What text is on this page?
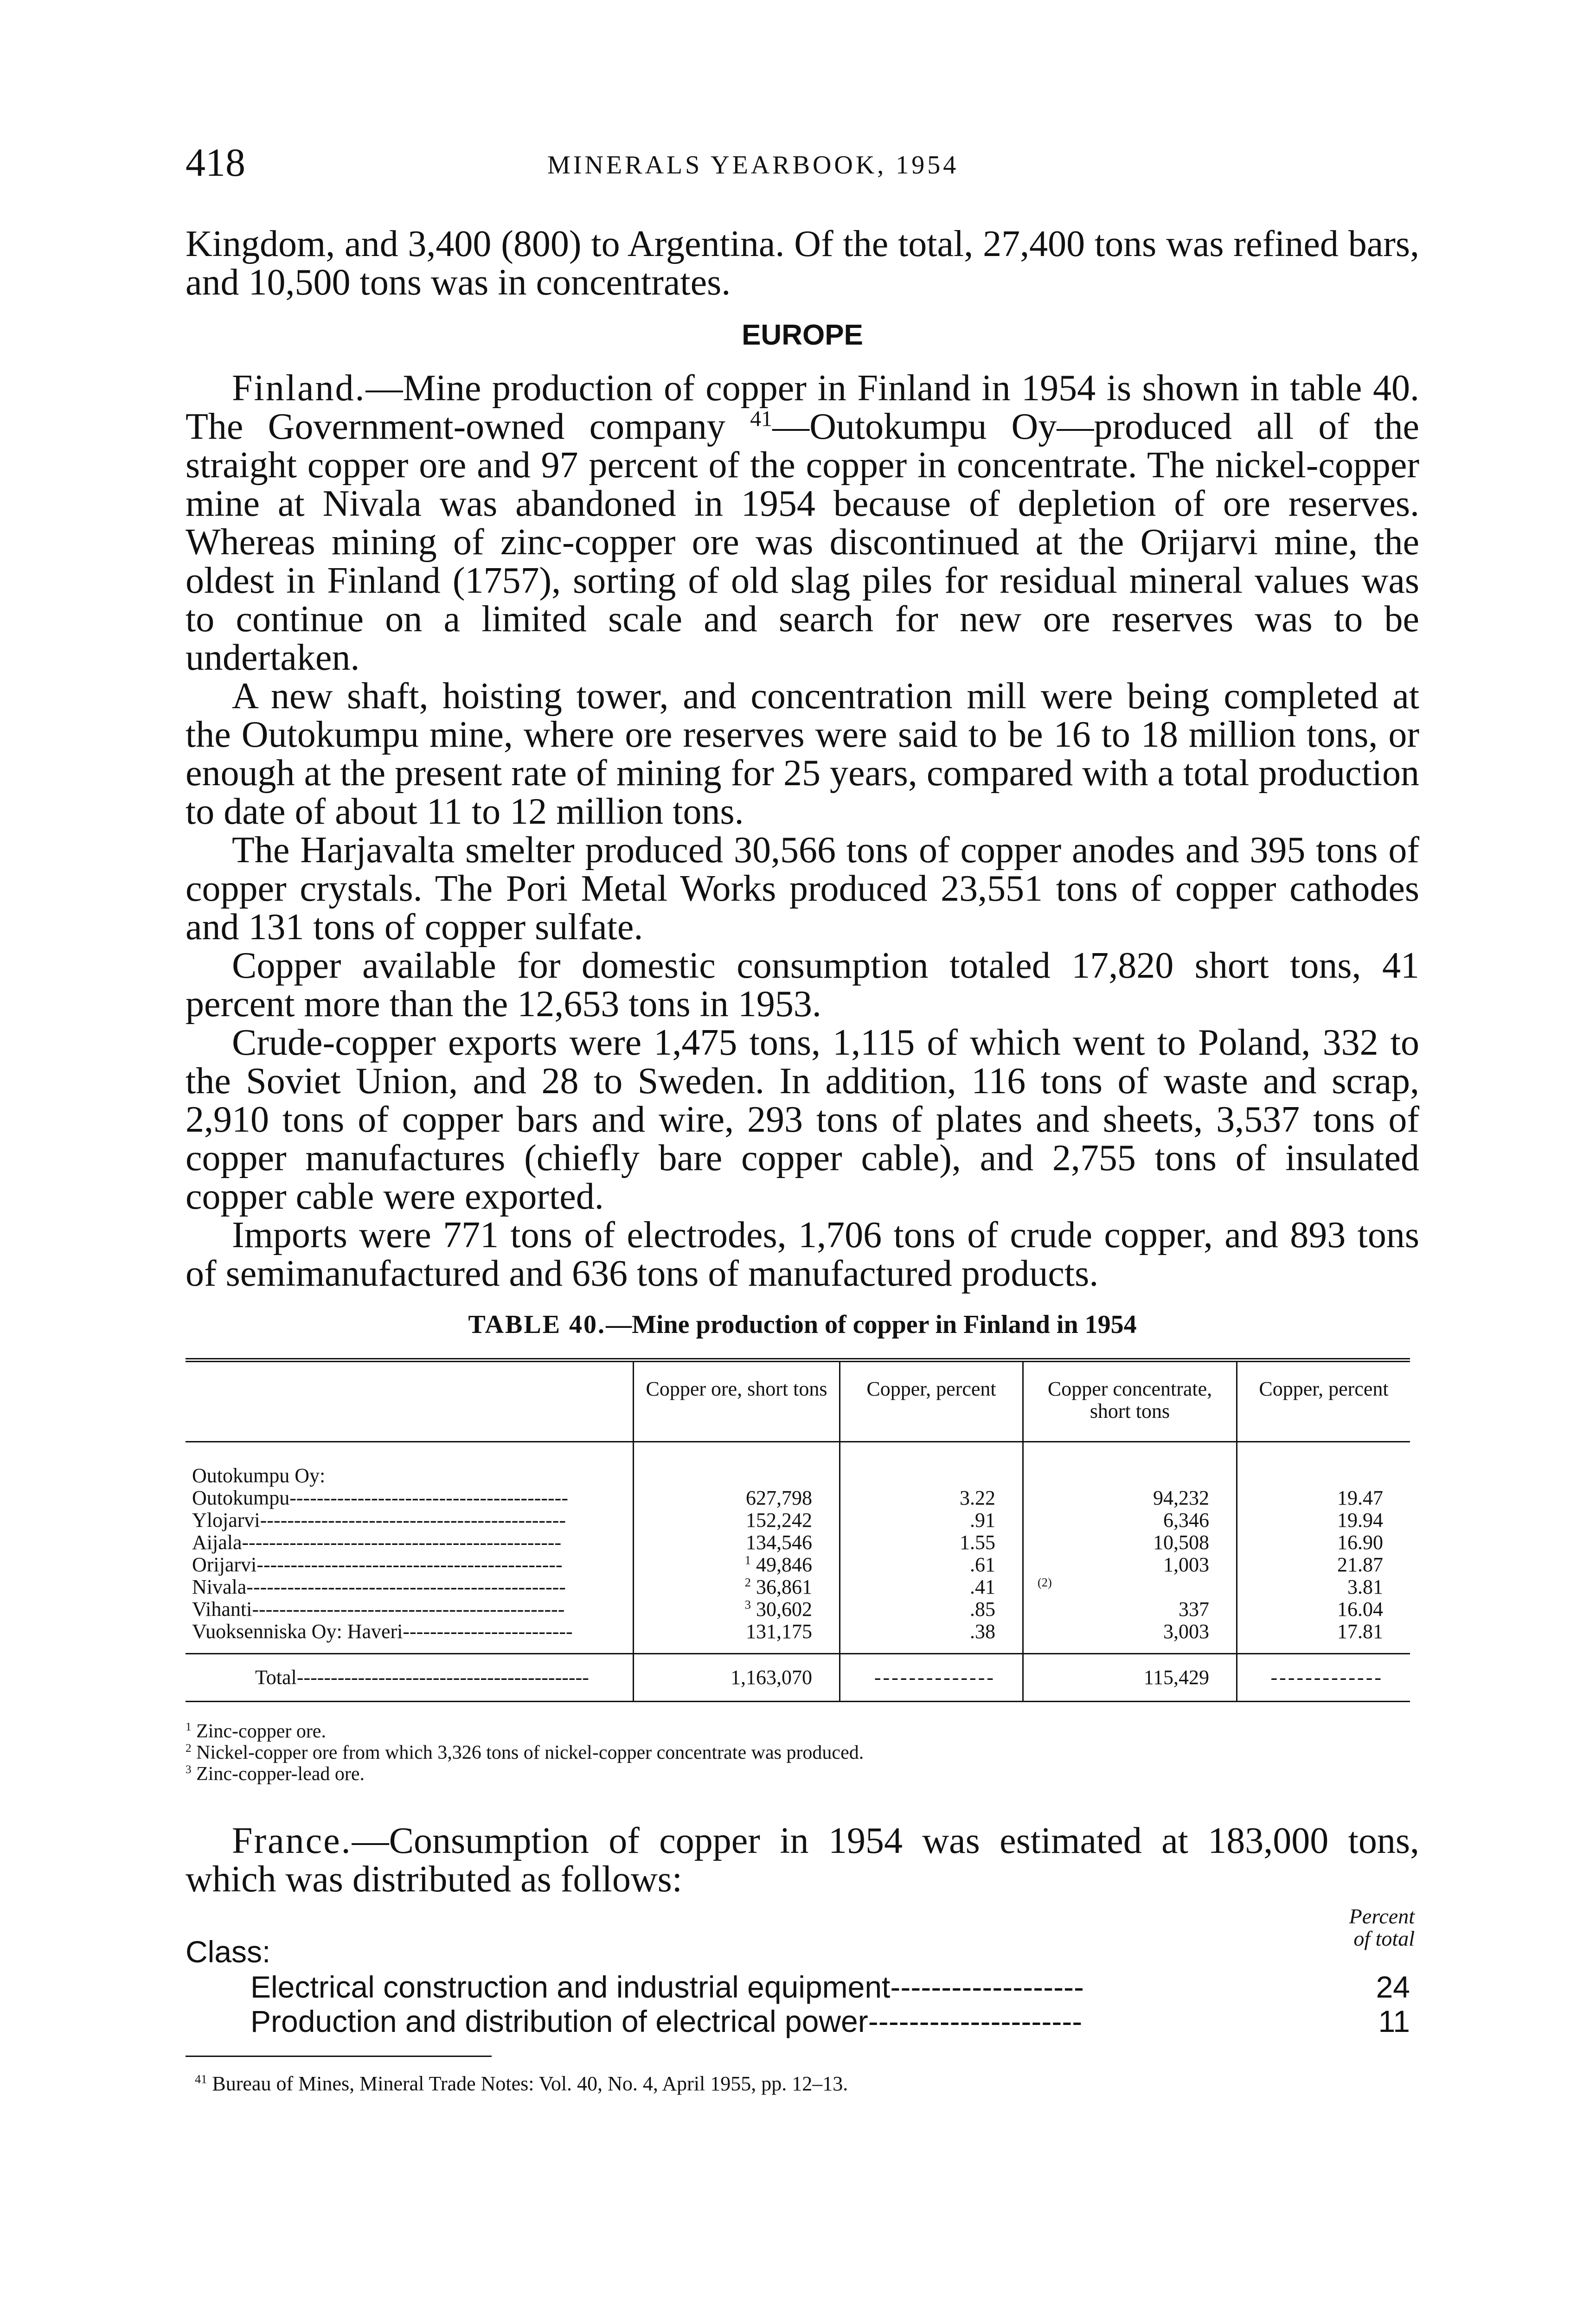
418	MINERALS YEARBOOK, 1954

Kingdom, and 3,400 (800) to Argentina. Of the total, 27,400 tons was refined bars, and 10,500 tons was in concentrates.

EUROPE

Finland.—Mine production of copper in Finland in 1954 is shown in table 40. The Government-owned company $^{41}$—Outokumpu Oy—produced all of the straight copper ore and 97 percent of the copper in concentrate. The nickel-copper mine at Nivala was abandoned in 1954 because of depletion of ore reserves. Whereas mining of zinc-copper ore was discontinued at the Orijarvi mine, the oldest in Finland (1757), sorting of old slag piles for residual mineral values was to continue on a limited scale and search for new ore reserves was to be undertaken.

A new shaft, hoisting tower, and concentration mill were being completed at the Outokumpu mine, where ore reserves were said to be 16 to 18 million tons, or enough at the present rate of mining for 25 years, compared with a total production to date of about 11 to 12 million tons.

The Harjavalta smelter produced 30,566 tons of copper anodes and 395 tons of copper crystals. The Pori Metal Works produced 23,551 tons of copper cathodes and 131 tons of copper sulfate.

Copper available for domestic consumption totaled 17,820 short tons, 41 percent more than the 12,653 tons in 1953.

Crude-copper exports were 1,475 tons, 1,115 of which went to Poland, 332 to the Soviet Union, and 28 to Sweden. In addition, 116 tons of waste and scrap, 2,910 tons of copper bars and wire, 293 tons of plates and sheets, 3,537 tons of copper manufactures (chiefly bare copper cable), and 2,755 tons of insulated copper cable were exported.

Imports were 771 tons of electrodes, 1,706 tons of crude copper, and 893 tons of semimanufactured and 636 tons of manufactured products.

TABLE 40.—Mine production of copper in Finland in 1954
	Copper ore, short tons	Copper, percent	Copper concentrate, short tons	Copper, percent
Outokumpu Oy:				
Outokumpu-----------------------------------------	627,798	3.22	94,232	19.47
Ylojarvi---------------------------------------------	152,242	.91	6,346	19.94
Aijala-----------------------------------------------	134,546	1.55	10,508	16.90
Orijarvi---------------------------------------------	$^1$ 49,846	.61	1,003	21.87
Nivala-----------------------------------------------	$^2$ 36,861	.41	$^{(2)}$	3.81
Vihanti----------------------------------------------	$^3$ 30,602	.85	337	16.04
Vuoksenniska Oy: Haveri-------------------------	131,175	.38	3,003	17.81
Total-------------------------------------------	1,163,070	--------------	115,429	-------------
$^1$ Zinc-copper ore.
$^2$ Nickel-copper ore from which 3,326 tons of nickel-copper concentrate was produced.
$^3$ Zinc-copper-lead ore.

France.—Consumption of copper in 1954 was estimated at 183,000 tons, which was distributed as follows:

Class:
Percent
of total
Electrical construction and industrial equipment-------------------	24
Production and distribution of electrical power---------------------	11
$^{41}$ Bureau of Mines, Mineral Trade Notes: Vol. 40, No. 4, April 1955, pp. 12–13.
